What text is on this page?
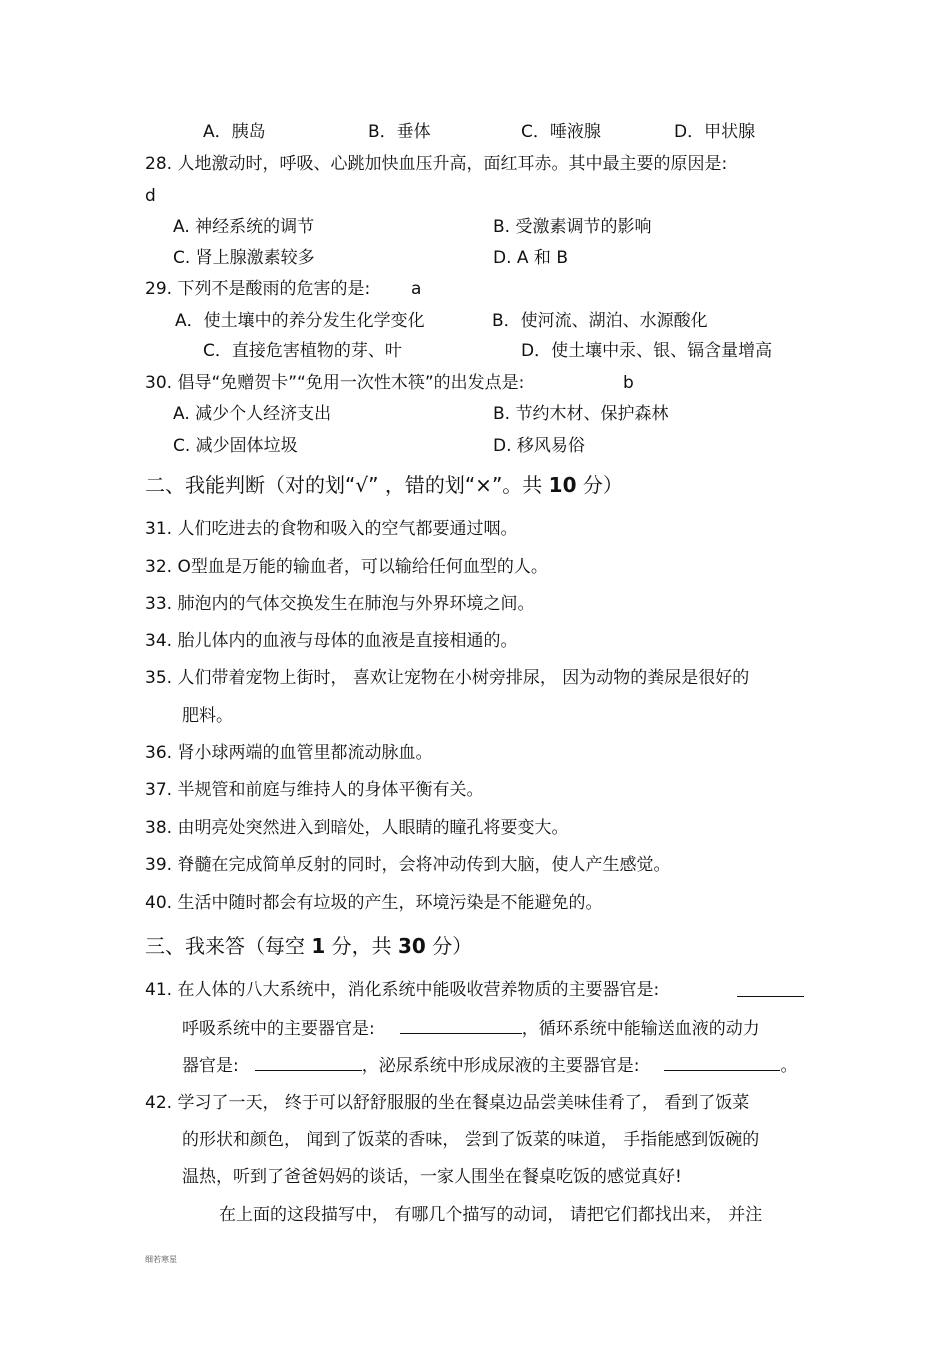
A．胰岛	B．垂体	C．唾液腺	D．甲状腺
28. 人地激动时，呼吸、心跳加快血压升高，面红耳赤。其中最主要的原因是:
d
A. 神经系统的调节	B. 受激素调节的影响
C. 肾上腺激素较多	D. A 和 B
29. 下列不是酸雨的危害的是: a
A．使土壤中的养分发生化学变化	B．使河流、湖泊、水源酸化
C．直接危害植物的芽、叶	D．使土壤中汞、银、镉含量增高
30. 倡导“免赠贺卡”“免用一次性木筷”的出发点是:	b
A. 减少个人经济支出	B. 节约木材、保护森林
C. 减少固体垃圾	D. 移风易俗
二、我能判断（对的划“√” ，错的划“×”。共 10 分）
31. 人们吃进去的食物和吸入的空气都要通过咽。
32. O型血是万能的输血者，可以输给任何血型的人。
33. 肺泡内的气体交换发生在肺泡与外界环境之间。
34. 胎儿体内的血液与母体的血液是直接相通的。
35. 人们带着宠物上街时， 喜欢让宠物在小树旁排尿， 因为动物的粪尿是很好的
肥料。
36. 肾小球两端的血管里都流动脉血。
37. 半规管和前庭与维持人的身体平衡有关。
38. 由明亮处突然进入到暗处，人眼睛的瞳孔将要变大。
39. 脊髓在完成简单反射的同时，会将冲动传到大脑，使人产生感觉。
40. 生活中随时都会有垃圾的产生，环境污染是不能避免的。
三、我来答（每空 1 分，共 30 分）
41. 在人体的八大系统中，消化系统中能吸收营养物质的主要器官是:
呼吸系统中的主要器官是:	，循环系统中能输送血液的动力
器官是:	，泌尿系统中形成尿液的主要器官是:	。
42. 学习了一天， 终于可以舒舒服服的坐在餐桌边品尝美味佳肴了， 看到了饭菜
的形状和颜色， 闻到了饭菜的香味， 尝到了饭菜的味道， 手指能感到饭碗的
温热，听到了爸爸妈妈的谈话，一家人围坐在餐桌吃饭的感觉真好!
在上面的这段描写中， 有哪几个描写的动词， 请把它们都找出来， 并注
细若寒星
